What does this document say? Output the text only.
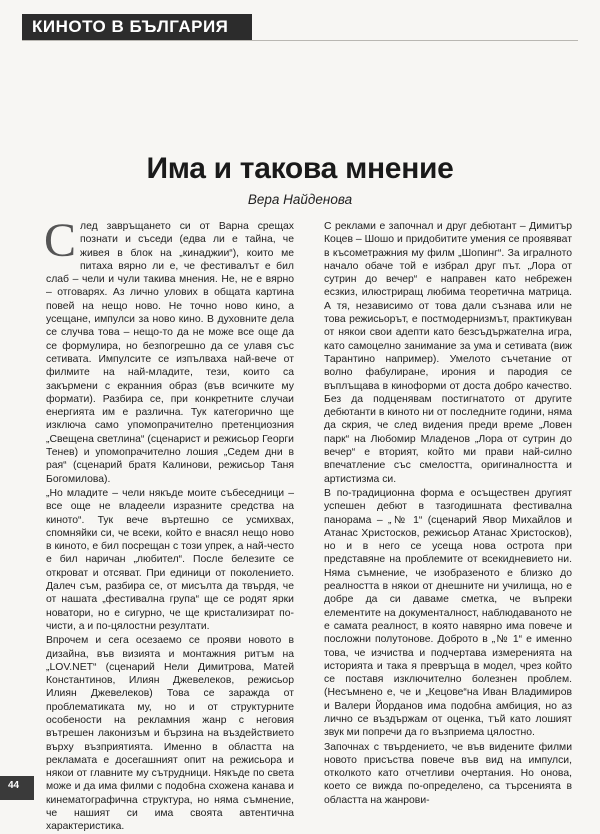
КИНОТО В БЪЛГАРИЯ
Има и такова мнение
Вера Найденова

След завръщането си от Варна срещах познати и съседи (едва ли е тайна, че живея в блок на „кинаджии“), които ме питаха вярно ли е, че фестивалът е бил слаб – чели и чули такива мнения. Не, не е вярно – отговарях. Аз лично уловиx в общата картина повей на нещо ново. Не точно ново кино, а усещане, импулси за ново кино. В духовните дела се случва това – нещо-то да не може все още да се формулира, но безпогрешно да се улавя със сетивата. Импулсите се изпълваха най-вече от филмите на най-младите, тези, които са закърмени с екранния образ (във всичките му формати). Разбира се, при конкретните случаи енергията им е различна. Тук категорично ще изключа само упомопрачително претенциозния „Свещена светлина“ (сценарист и режисьор Георги Тенев) и упомопрачително лошия „Седем дни в рая“ (сценарий братя Калинови, режисьор Таня Богомилова).

„Но младите – чели някъде моите събеседници – все още не владеели изразните средства на киното“. Тук вече въртешно се усмихвах, спомняйки си, че всеки, който е внасял нещо ново в киното, е бил посрещан с този упрек, а най-често е бил наричан „любител“. После белезите се откроват и отсяват. При единици от поколението. Далеч съм, разбира се, от мисълта да твърдя, че от нашата „фестивална група“ ще се родят ярки новатори, но е сигурно, че ще кристализират по-чисти, а и по-цялостни резултати.

Впрочем и сега осезаемо се прояви новото в дизайна, във визията и монтажния ритъм на „LOV.NET“ (сценарий Нели Димитрова, Матей Константинов, Илиян Джевелеков, режисьор Илиян Джевелеков) Това се заражда от проблематиката му, но и от структурните особености на рекламния жанр с неговия вътрешен лаконизъм и бързина на въздействието върху възприятията. Именно в областта на рекламата е досегашният опит на режисьора и някои от главните му сътрудници. Някъде по света може и да има филми с подобна схожена канава и кинематографична структура, но няма съмнение, че нашият си има своята автентична характеристика.

С реклами е започнал и друг дебютант – Димитър Коцев – Шошо и придобитите умения се проявяват в късометражния му филм „Шопинг“. За игралното начало обаче той е избрал друг път. „Лора от сутрин до вечер“ е направен като небрежен есзкиз, илюстриращ любима теоретична матрица. А тя, независимо от това дали съзнава или не това режисьорът, е постмодернизмът, практикуван от някои свои адепти като безсъдържателна игра, като самоцелно занимание за ума и сетивата (виж Тарантино например). Умелото съчетание от волно фабулиране, ирония и пародия се въплъщава в кинoформи от доста добро качество. Без да подценявам постигнатото от другите дебютанти в киното ни от последните години, няма да скрия, че след видения преди време „Ловен парк“ на Любомир Младенов „Лора от сутрин до вечер“ е вторият, който ми прави най-силно впечатление със смелостта, оригиналността и артистизма си.

В по-традиционна форма е осъществен другият успешен дебют в тазгодишната фестивална панорама – „№ 1“ (сценарий Явор Михайлов и Атанас Христосков, режисьор Атанас Христосков), но и в него се усеща нова острота при представяне на проблемите от всекидневието ни. Няма съмнение, че изобразеното е близко до реалността в някои от днешните ни училища, но е добре да си даваме сметка, че въпреки елементите на документалност, наблюдаваното не е самата реалност, в която навярно има повече и посложни полутонове. Доброто в „№ 1“ е именно това, че изчиства и подчертава измеренията на историята и така я превръща в модел, чрез който се поставя изключително болезнен проблем. (Несъмнено е, че и „Кецове“на Иван Владимиров и Валери Йорданов има подобна амбиция, но аз лично се въздържам от оценка, тъй като лошият звук ми попречи да го възприема цялостно.

Започнах с твърдението, че във видените филми новото присъства повече във вид на импулси, отколкото като отчетливи очертания. Но онова, което се вижда по-определено, са търсенията в областта на жанрови-

44
